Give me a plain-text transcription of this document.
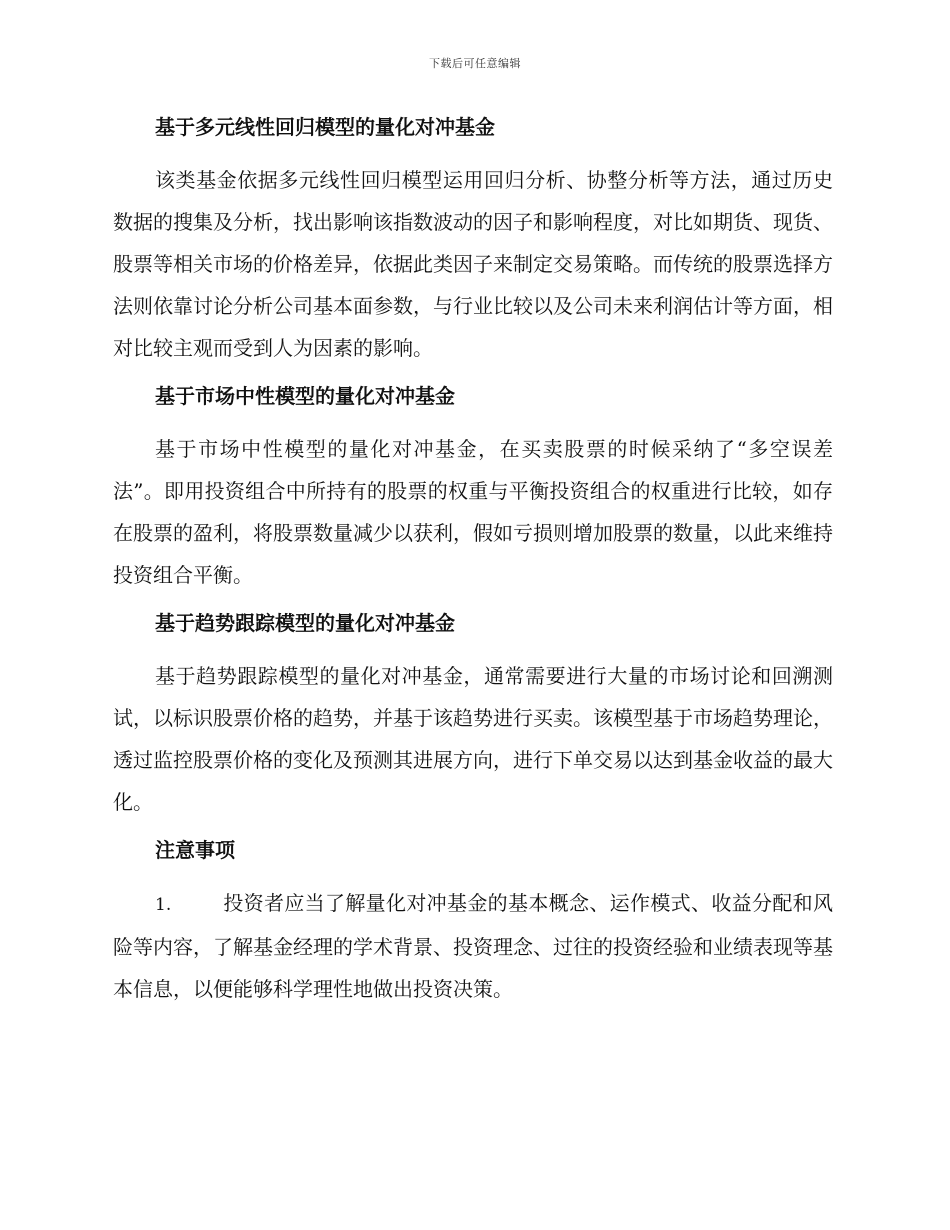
下载后可任意编辑
基于多元线性回归模型的量化对冲基金

该类基金依据多元线性回归模型运用回归分析、协整分析等方法，通过历史数据的搜集及分析，找出影响该指数波动的因子和影响程度，对比如期货、现货、股票等相关市场的价格差异，依据此类因子来制定交易策略。而传统的股票选择方法则依靠讨论分析公司基本面参数，与行业比较以及公司未来利润估计等方面，相对比较主观而受到人为因素的影响。

基于市场中性模型的量化对冲基金

基于市场中性模型的量化对冲基金，在买卖股票的时候采纳了“多空误差法”。即用投资组合中所持有的股票的权重与平衡投资组合的权重进行比较，如存在股票的盈利，将股票数量减少以获利，假如亏损则增加股票的数量，以此来维持投资组合平衡。

基于趋势跟踪模型的量化对冲基金

基于趋势跟踪模型的量化对冲基金，通常需要进行大量的市场讨论和回溯测试，以标识股票价格的趋势，并基于该趋势进行买卖。该模型基于市场趋势理论，透过监控股票价格的变化及预测其进展方向，进行下单交易以达到基金收益的最大化。

注意事项

1.	投资者应当了解量化对冲基金的基本概念、运作模式、收益分配和风险等内容，了解基金经理的学术背景、投资理念、过往的投资经验和业绩表现等基本信息，以便能够科学理性地做出投资决策。
